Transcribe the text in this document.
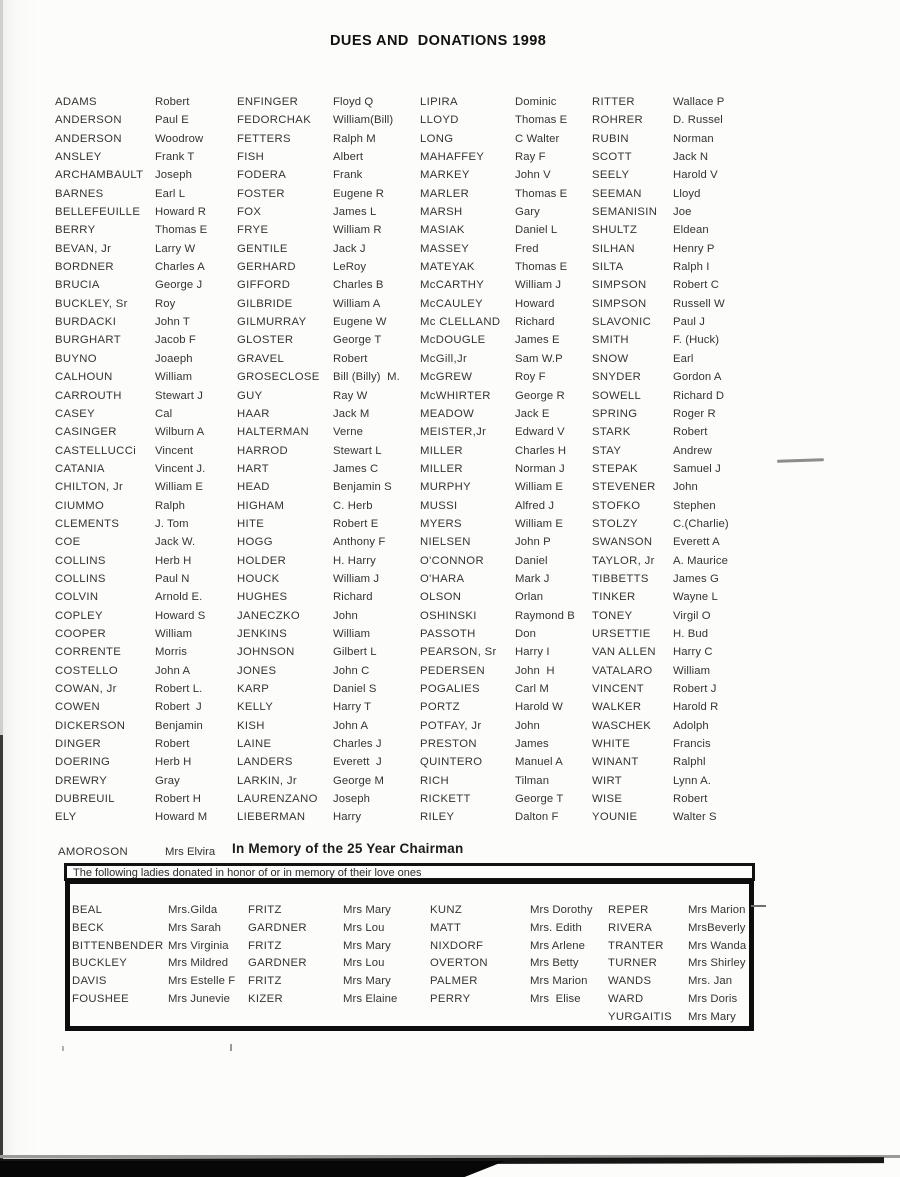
DUES AND  DONATIONS 1998
ADAMS	Robert
ANDERSON	Paul E
ANDERSON	Woodrow
ANSLEY	Frank T
ARCHAMBAULT Joseph
BARNES	Earl L
BELLEFEUILLE Howard R
BERRY	Thomas E
BEVAN, Jr	Larry W
BORDNER	Charles A
BRUCIA	George J
BUCKLEY, Sr Roy
BURDACKI	John T
BURGHART	Jacob F
BUYNO	Joaeph
CALHOUN	William
CARROUTH	Stewart J
CASEY	Cal
CASINGER	Wilburn A
CASTELLUCCi Vincent
CATANIA	Vincent J.
CHILTON, Jr	William E
CIUMMO	Ralph
CLEMENTS	J. Tom
COE	Jack W.
COLLINS	Herb H
COLLINS	Paul N
COLVIN	Arnold E.
COPLEY	Howard S
COOPER	William
CORRENTE	Morris
COSTELLO	John A
COWAN, Jr	Robert L.
COWEN	Robert  J
DICKERSON	Benjamin
DINGER	Robert
DOERING	Herb H
DREWRY	Gray
DUBREUIL	Robert H
ELY	Howard M
ENFINGER	Floyd Q
FEDORCHAK William(Bill)
FETTERS	Ralph M
FISH	Albert
FODERA	Frank
FOSTER	Eugene R
FOX	James L
FRYE	William R
GENTILE	Jack J
GERHARD	LeRoy
GIFFORD	Charles B
GILBRIDE	William A
GILMURRAY Eugene W
GLOSTER	George T
GRAVEL	Robert
GROSECLOSE Bill (Billy)  M.
GUY	Ray W
HAAR	Jack M
HALTERMAN Verne
HARROD	Stewart L
HART	James C
HEAD	Benjamin S
HIGHAM	C. Herb
HITE	Robert E
HOGG	Anthony F
HOLDER	H. Harry
HOUCK	William J
HUGHES	Richard
JANECZKO	John
JENKINS	William
JOHNSON	Gilbert L
JONES	John C
KARP	Daniel S
KELLY	Harry T
KISH	John A
LAINE	Charles J
LANDERS	Everett  J
LARKIN, Jr	George M
LAURENZANO Joseph
LIEBERMAN Harry
LIPIRA	Dominic
LLOYD	Thomas E
LONG	C Walter
MAHAFFEY	Ray F
MARKEY	John V
MARLER	Thomas E
MARSH	Gary
MASIAK	Daniel L
MASSEY	Fred
MATEYAK	Thomas E
McCARTHY	William J
McCAULEY	Howard
Mc CLELLAND Richard
McDOUGLE	James E
McGill,Jr	Sam W.P
McGREW	Roy F
McWHIRTER George R
MEADOW	Jack E
MEISTER,Jr	Edward V
MILLER	Charles H
MILLER	Norman J
MURPHY	William E
MUSSI	Alfred J
MYERS	William E
NIELSEN	John P
O'CONNOR	Daniel
O'HARA	Mark J
OLSON	Orlan
OSHINSKI	Raymond B
PASSOTH	Don
PEARSON, Sr Harry I
PEDERSEN	John  H
POGALIES	Carl M
PORTZ	Harold W
POTFAY, Jr	John
PRESTON	James
QUINTERO	Manuel A
RICH	Tilman
RICKETT	George T
RILEY	Dalton F
RITTER	Wallace P
ROHRER	D. Russel
RUBIN	Norman
SCOTT	Jack N
SEELY	Harold V
SEEMAN	Lloyd
SEMANISIN Joe
SHULTZ	Eldean
SILHAN	Henry P
SILTA	Ralph I
SIMPSON Robert C
SIMPSON Russell W
SLAVONIC Paul J
SMITH	F. (Huck)
SNOW	Earl
SNYDER	Gordon A
SOWELL	Richard D
SPRING	Roger R
STARK	Robert
STAY	Andrew
STEPAK	Samuel J
STEVENER John
STOFKO	Stephen
STOLZY	C.(Charlie)
SWANSON Everett A
TAYLOR, Jr A. Maurice
TIBBETTS James G
TINKER	Wayne L
TONEY	Virgil O
URSETTIE H. Bud
VAN ALLEN Harry C
VATALARO William
VINCENT	Robert J
WALKER	Harold R
WASCHEK Adolph
WHITE	Francis
WINANT	Ralphl
WIRT	Lynn A.
WISE	Robert
YOUNIE	Walter S
AMOROSON	Mrs Elvira In Memory of the 25 Year Chairman
The following ladies donated in honor of or in memory of their love ones
BEAL	Mrs.Gilda
BECK	Mrs Sarah
BITTENBENDER Mrs Virginia
BUCKLEY	Mrs Mildred
DAVIS	Mrs Estelle F
FOUSHEE	Mrs Junevie
FRITZ	Mrs Mary
GARDNER	Mrs Lou
FRITZ	Mrs Mary
GARDNER	Mrs Lou
FRITZ	Mrs Mary
KIZER	Mrs Elaine
KUNZ	Mrs Dorothy
MATT	Mrs. Edith
NIXDORF	Mrs Arlene
OVERTON	Mrs Betty
PALMER	Mrs Marion
PERRY	Mrs  Elise
REPER	Mrs Marion
RIVERA	MrsBeverly
TRANTER Mrs Wanda
TURNER	Mrs Shirley
WANDS	Mrs. Jan
WARD	Mrs Doris
YURGAITIS Mrs Mary
